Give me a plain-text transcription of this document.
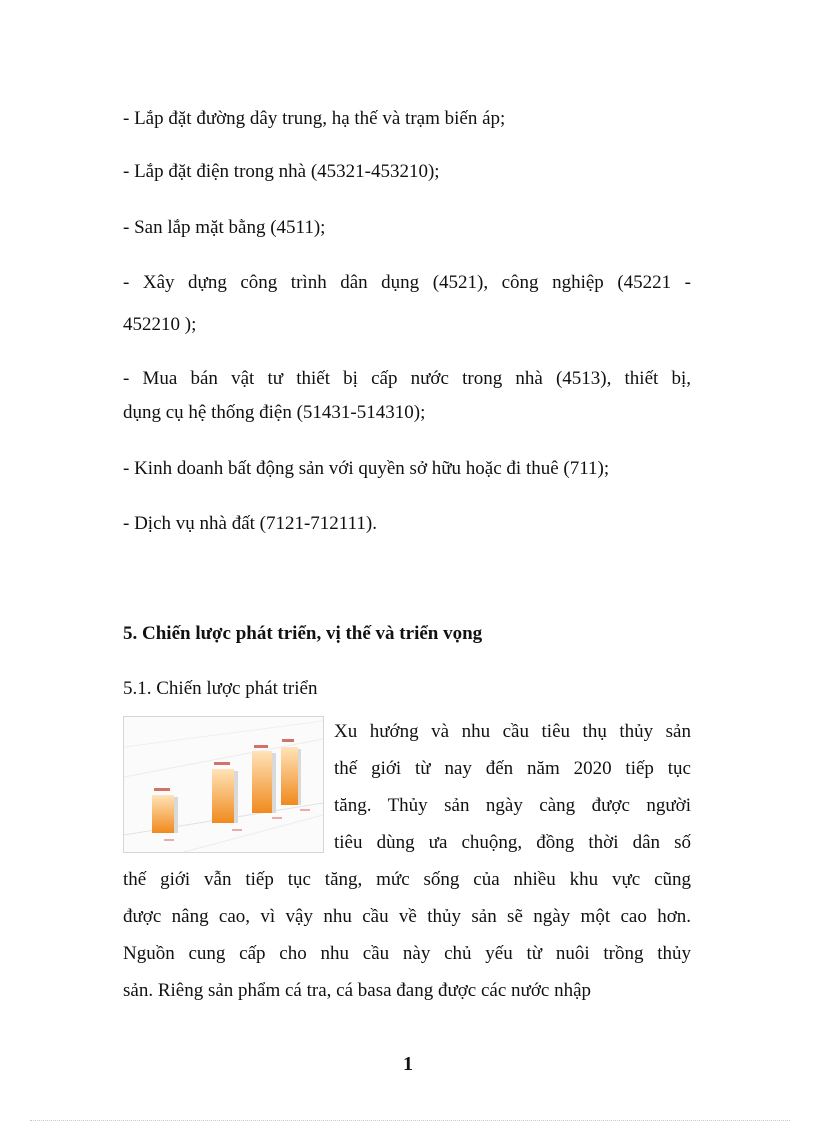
- Lắp đặt đường dây trung, hạ thế và trạm biến áp;
- Lắp đặt điện trong nhà (45321-453210);
- San lắp mặt bằng (4511);
- Xây dựng công trình dân dụng (4521), công nghiệp (45221 -
452210 );
- Mua bán vật tư thiết bị cấp nước trong nhà (4513), thiết bị,
dụng cụ hệ thống điện (51431-514310);
- Kinh doanh bất động sản với quyền sở hữu hoặc đi thuê (711);
- Dịch vụ nhà đất (7121-712111).
5. Chiến lược phát triển, vị thế và triển vọng
5.1. Chiến lược phát triển
Xu hướng và nhu cầu tiêu thụ thủy sản
thế giới từ nay đến năm 2020 tiếp tục
tăng. Thủy sản ngày càng được người
tiêu dùng ưa chuộng, đồng thời dân số
thế giới vẫn tiếp tục tăng, mức sống của nhiều khu vực cũng
được nâng cao, vì vậy nhu cầu về thủy sản sẽ ngày một cao hơn.
Nguồn cung cấp cho nhu cầu này chủ yếu từ nuôi trồng thủy
sản. Riêng sản phẩm cá tra, cá basa đang được các nước nhập
1
